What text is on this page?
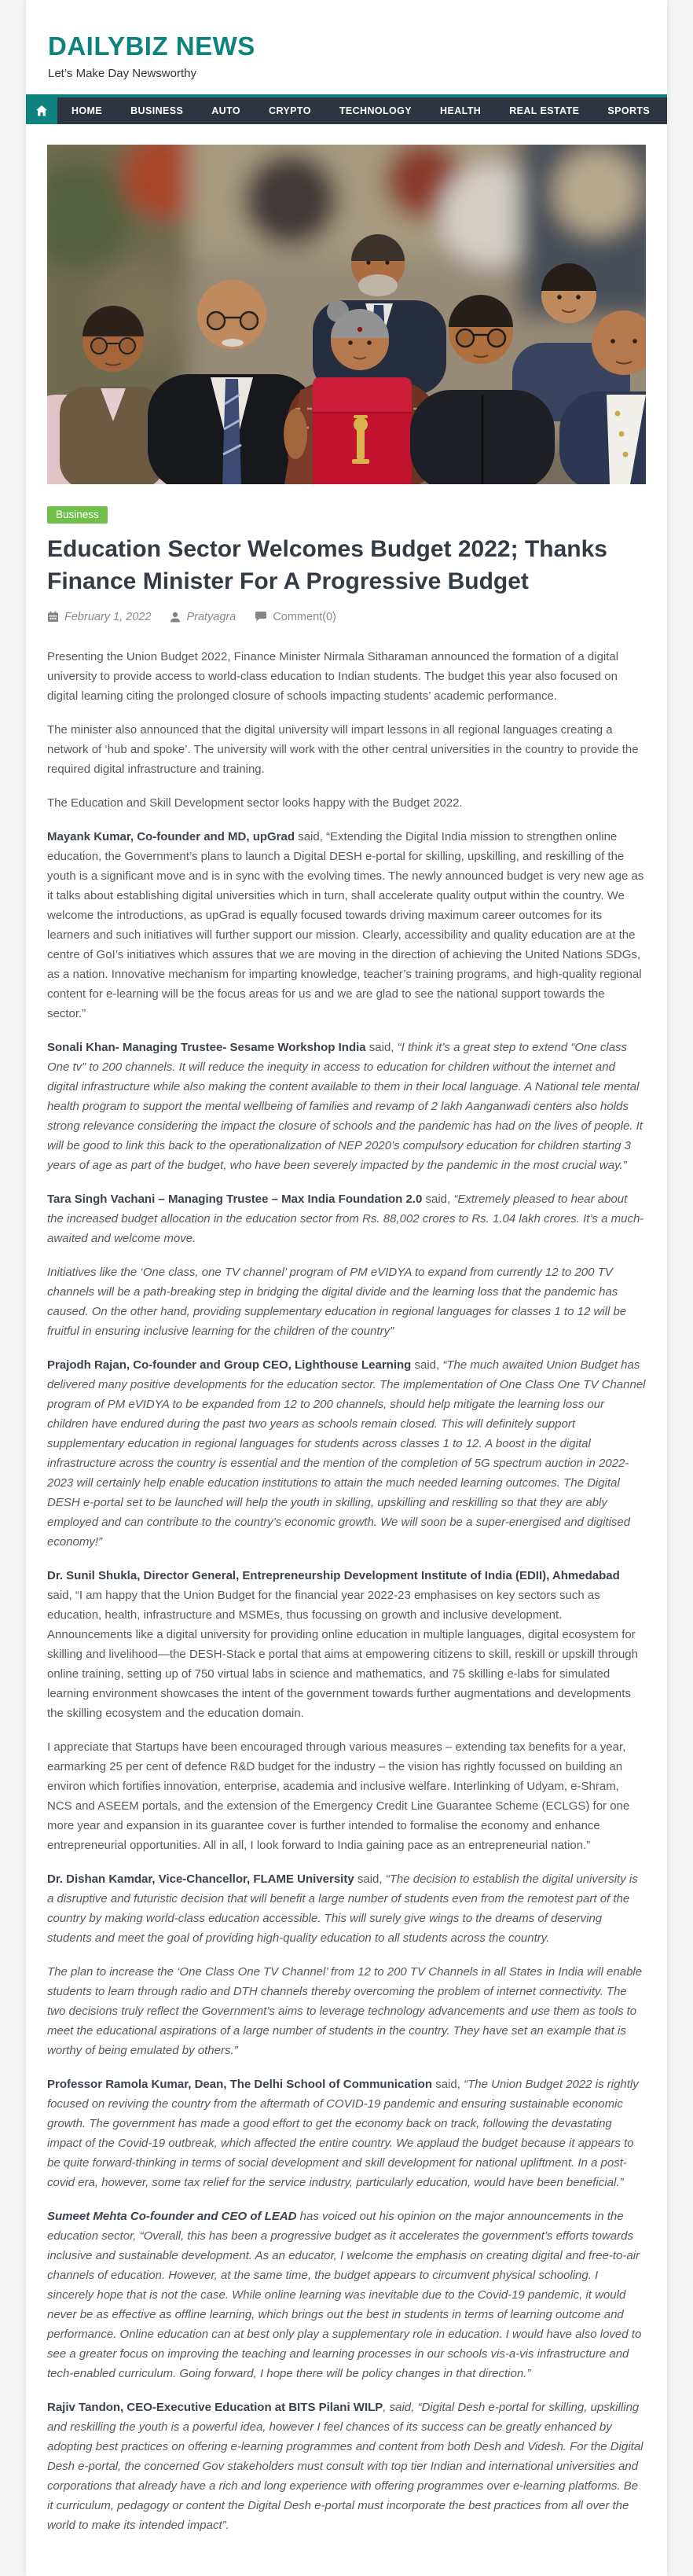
DAILYBIZ NEWS
Let’s Make Day Newsworthy
HOME	BUSINESS	AUTO	CRYPTO	TECHNOLOGY	HEALTH	REAL ESTATE	SPORTS
Business
Education Sector Welcomes Budget 2022; Thanks Finance Minister For A Progressive Budget
February 1, 2022	Pratyagra	Comment(0)

Presenting the Union Budget 2022, Finance Minister Nirmala Sitharaman announced the formation of a digital university to provide access to world-class education to Indian students. The budget this year also focused on digital learning citing the prolonged closure of schools impacting students’ academic performance.

The minister also announced that the digital university will impart lessons in all regional languages creating a network of ‘hub and spoke’. The university will work with the other central universities in the country to provide the required digital infrastructure and training.

The Education and Skill Development sector looks happy with the Budget 2022.

Mayank Kumar, Co-founder and MD, upGrad said, “Extending the Digital India mission to strengthen online education, the Government’s plans to launch a Digital DESH e-portal for skilling, upskilling, and reskilling of the youth is a significant move and is in sync with the evolving times. The newly announced budget is very new age as it talks about establishing digital universities which in turn, shall accelerate quality output within the country. We welcome the introductions, as upGrad is equally focused towards driving maximum career outcomes for its learners and such initiatives will further support our mission. Clearly, accessibility and quality education are at the centre of GoI’s initiatives which assures that we are moving in the direction of achieving the United Nations SDGs, as a nation. Innovative mechanism for imparting knowledge, teacher’s training programs, and high-quality regional content for e-learning will be the focus areas for us and we are glad to see the national support towards the sector.”

Sonali Khan- Managing Trustee- Sesame Workshop India said, “I think it’s a great step to extend “One class One tv” to 200 channels. It will reduce the inequity in access to education for children without the internet and digital infrastructure while also making the content available to them in their local language. A National tele mental health program to support the mental wellbeing of families and revamp of 2 lakh Aanganwadi centers also holds strong relevance considering the impact the closure of schools and the pandemic has had on the lives of people. It will be good to link this back to the operationalization of NEP 2020’s compulsory education for children starting 3 years of age as part of the budget, who have been severely impacted by the pandemic in the most crucial way.”

Tara Singh Vachani – Managing Trustee – Max India Foundation 2.0 said, “Extremely pleased to hear about the increased budget allocation in the education sector from Rs. 88,002 crores to Rs. 1.04 lakh crores. It’s a much-awaited and welcome move.

Initiatives like the ‘One class, one TV channel’ program of PM eVIDYA to expand from currently 12 to 200 TV channels will be a path-breaking step in bridging the digital divide and the learning loss that the pandemic has caused. On the other hand, providing supplementary education in regional languages for classes 1 to 12 will be fruitful in ensuring inclusive learning for the children of the country”

Prajodh Rajan, Co-founder and Group CEO, Lighthouse Learning said, “The much awaited Union Budget has delivered many positive developments for the education sector. The implementation of One Class One TV Channel program of PM eVIDYA to be expanded from 12 to 200 channels, should help mitigate the learning loss our children have endured during the past two years as schools remain closed. This will definitely support supplementary education in regional languages for students across classes 1 to 12. A boost in the digital infrastructure across the country is essential and the mention of the completion of 5G spectrum auction in 2022-2023 will certainly help enable education institutions to attain the much needed learning outcomes. The Digital DESH e-portal set to be launched will help the youth in skilling, upskilling and reskilling so that they are ably employed and can contribute to the country’s economic growth. We will soon be a super-energised and digitised economy!”

Dr. Sunil Shukla, Director General, Entrepreneurship Development Institute of India (EDII), Ahmedabad said, “I am happy that the Union Budget for the financial year 2022-23 emphasises on key sectors such as education, health, infrastructure and MSMEs, thus focussing on growth and inclusive development. Announcements like a digital university for providing online education in multiple languages, digital ecosystem for skilling and livelihood—the DESH-Stack e portal that aims at empowering citizens to skill, reskill or upskill through online training, setting up of 750 virtual labs in science and mathematics, and 75 skilling e-labs for simulated learning environment showcases the intent of the government towards further augmentations and developments the skilling ecosystem and the education domain.

I appreciate that Startups have been encouraged through various measures – extending tax benefits for a year, earmarking 25 per cent of defence R&D budget for the industry – the vision has rightly focussed on building an environ which fortifies innovation, enterprise, academia and inclusive welfare. Interlinking of Udyam, e-Shram, NCS and ASEEM portals, and the extension of the Emergency Credit Line Guarantee Scheme (ECLGS) for one more year and expansion in its guarantee cover is further intended to formalise the economy and enhance entrepreneurial opportunities. All in all, I look forward to India gaining pace as an entrepreneurial nation.”

Dr. Dishan Kamdar, Vice-Chancellor, FLAME University said, “The decision to establish the digital university is a disruptive and futuristic decision that will benefit a large number of students even from the remotest part of the country by making world-class education accessible. This will surely give wings to the dreams of deserving students and meet the goal of providing high-quality education to all students across the country.

The plan to increase the ‘One Class One TV Channel’ from 12 to 200 TV Channels in all States in India will enable students to learn through radio and DTH channels thereby overcoming the problem of internet connectivity. The two decisions truly reflect the Government’s aims to leverage technology advancements and use them as tools to meet the educational aspirations of a large number of students in the country. They have set an example that is worthy of being emulated by others.”

Professor Ramola Kumar, Dean, The Delhi School of Communication said, “The Union Budget 2022 is rightly focused on reviving the country from the aftermath of COVID-19 pandemic and ensuring sustainable economic growth. The government has made a good effort to get the economy back on track, following the devastating impact of the Covid-19 outbreak, which affected the entire country. We applaud the budget because it appears to be quite forward-thinking in terms of social development and skill development for national upliftment. In a post-covid era, however, some tax relief for the service industry, particularly education, would have been beneficial.”

Sumeet Mehta Co-founder and CEO of LEAD has voiced out his opinion on the major announcements in the education sector, “Overall, this has been a progressive budget as it accelerates the government’s efforts towards inclusive and sustainable development. As an educator, I welcome the emphasis on creating digital and free-to-air channels of education. However, at the same time, the budget appears to circumvent physical schooling. I sincerely hope that is not the case. While online learning was inevitable due to the Covid-19 pandemic, it would never be as effective as offline learning, which brings out the best in students in terms of learning outcome and performance. Online education can at best only play a supplementary role in education. I would have also loved to see a greater focus on improving the teaching and learning processes in our schools vis-a-vis infrastructure and tech-enabled curriculum. Going forward, I hope there will be policy changes in that direction.”

Rajiv Tandon, CEO-Executive Education at BITS Pilani WILP, said, “Digital Desh e-portal for skilling, upskilling and reskilling the youth is a powerful idea, however I feel chances of its success can be greatly enhanced by adopting best practices on offering e-learning programmes and content from both Desh and Videsh. For the Digital Desh e-portal, the concerned Gov stakeholders must consult with top tier Indian and international universities and corporations that already have a rich and long experience with offering programmes over e-learning platforms. Be it curriculum, pedagogy or content the Digital Desh e-portal must incorporate the best practices from all over the world to make its intended impact”.
